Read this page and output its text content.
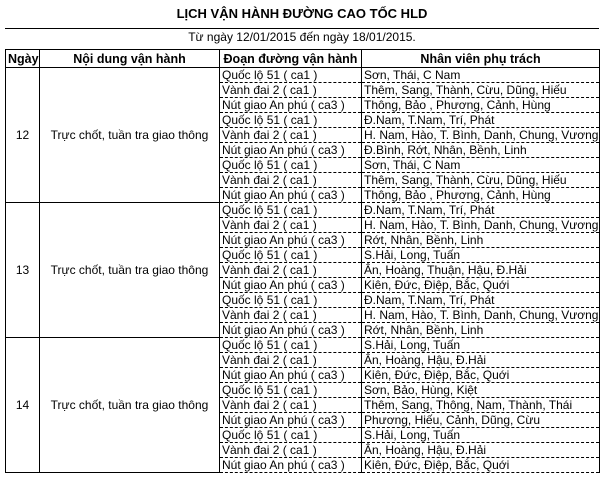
LỊCH VẬN HÀNH ĐƯỜNG CAO TỐC HLD
Từ ngày 12/01/2015 đến ngày 18/01/2015.
Ngày	Nội dung vận hành	Đoạn đường vận hành	Nhân viên phụ trách
12	Trực chốt, tuần tra giao thông	Quốc lộ 51 ( ca1 )	Sơn, Thái, C Nam
		Vành đai 2 ( ca1 )	Thêm, Sang, Thành, Cừu, Dũng, Hiếu
		Nút giao An phú ( ca3 )	Thông, Bảo , Phương, Cảnh, Hùng
		Quốc lộ 51 ( ca1 )	Đ.Nam, T.Nam, Trí, Phát
		Vành đai 2 ( ca1 )	H. Nam, Hào, T. Bình, Danh, Chung, Vương
		Nút giao An phú ( ca3 )	Đ.Bình, Rớt, Nhân, Bềnh, Linh
		Quốc lộ 51 ( ca1 )	Sơn, Thái, C Nam
		Vành đai 2 ( ca1 )	Thêm, Sang, Thành, Cừu, Dũng, Hiếu
		Nút giao An phú ( ca3 )	Thông, Bảo , Phương, Cảnh, Hùng
13	Trực chốt, tuần tra giao thông	Quốc lộ 51 ( ca1 )	Đ.Nam, T.Nam, Trí, Phát
		Vành đai 2 ( ca1 )	H. Nam, Hào, T. Bình, Danh, Chung, Vương
		Nút giao An phú ( ca3 )	Rớt, Nhân, Bềnh, Linh
		Quốc lộ 51 ( ca1 )	S.Hải, Long, Tuấn
		Vành đai 2 ( ca1 )	Ân, Hoàng, Thuận, Hậu, Đ.Hải
		Nút giao An phú ( ca3 )	Kiên, Đức, Điệp, Bắc, Quới
		Quốc lộ 51 ( ca1 )	Đ.Nam, T.Nam, Trí, Phát
		Vành đai 2 ( ca1 )	H. Nam, Hào, T. Bình, Danh, Chung, Vương
		Nút giao An phú ( ca3 )	Rớt, Nhân, Bềnh, Linh
14	Trực chốt, tuần tra giao thông	Quốc lộ 51 ( ca1 )	S.Hải, Long, Tuấn
		Vành đai 2 ( ca1 )	Ân, Hoàng, Hậu, Đ.Hải
		Nút giao An phú ( ca3 )	Kiên, Đức, Điệp, Bắc, Quới
		Quốc lộ 51 ( ca1 )	Sơn, Bảo, Hùng, Kiệt
		Vành đai 2 ( ca1 )	Thêm, Sang, Thông, Nam, Thành, Thái
		Nút giao An phú ( ca3 )	Phương, Hiếu, Cảnh, Dũng, Cừu
		Quốc lộ 51 ( ca1 )	S.Hải, Long, Tuấn
		Vành đai 2 ( ca1 )	Ân, Hoàng, Hậu, Đ.Hải
		Nút giao An phú ( ca3 )	Kiên, Đức, Điệp, Bắc, Quới
